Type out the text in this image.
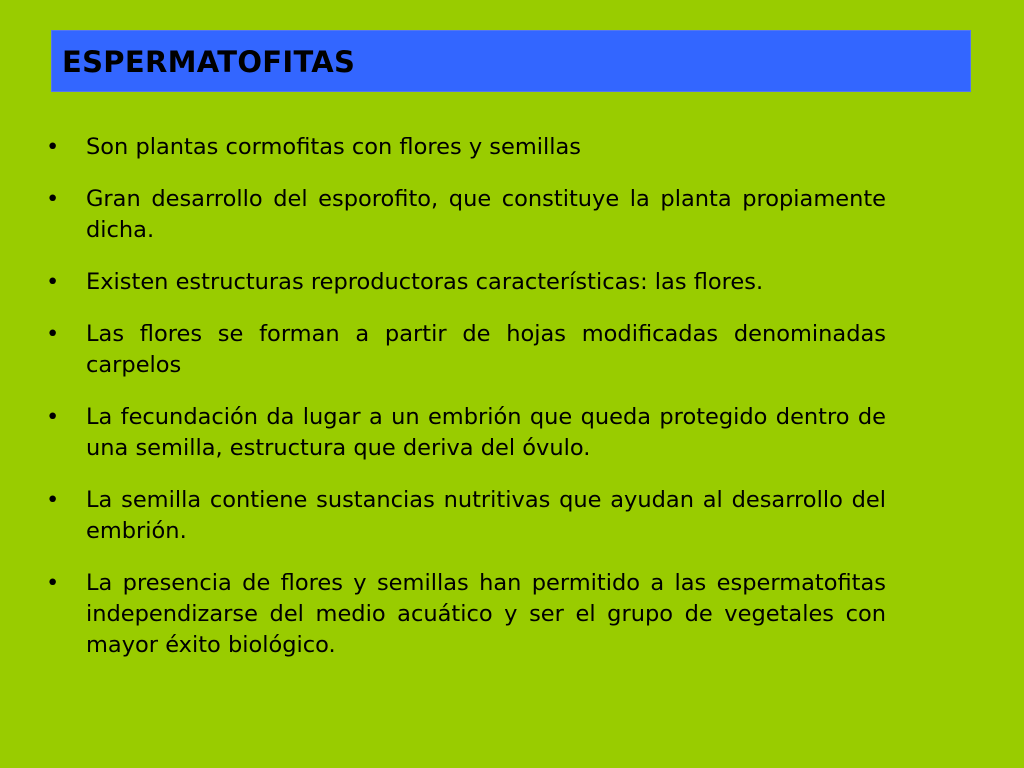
ESPERMATOFITAS
•	Son plantas cormofitas con flores y semillas
•	Gran desarrollo del esporofito, que constituye la planta propiamente dicha.
•	Existen estructuras reproductoras características: las flores.
•	Las flores se forman a partir de hojas modificadas denominadas carpelos
•	La fecundación da lugar a un embrión que queda protegido dentro de una semilla, estructura que deriva del óvulo.
•	La semilla contiene sustancias nutritivas que ayudan al desarrollo del embrión.
•	La presencia de flores y semillas han permitido a las espermatofitas independizarse del medio acuático y ser el grupo de vegetales con mayor éxito biológico.
